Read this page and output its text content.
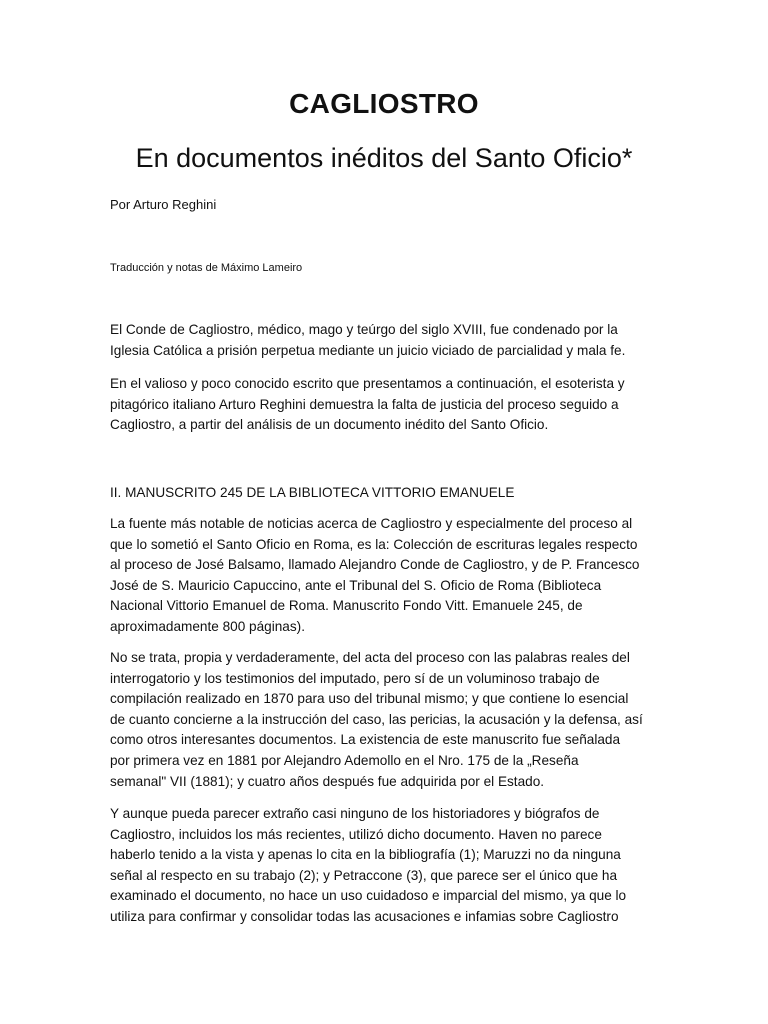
CAGLIOSTRO
En documentos inéditos del Santo Oficio*
Por Arturo Reghini
Traducción y notas de Máximo Lameiro

El Conde de Cagliostro, médico, mago y teúrgo del siglo XVIII, fue condenado por la
Iglesia Católica a prisión perpetua mediante un juicio viciado de parcialidad y mala fe.

En el valioso y poco conocido escrito que presentamos a continuación, el esoterista y
pitagórico italiano Arturo Reghini demuestra la falta de justicia del proceso seguido a
Cagliostro, a partir del análisis de un documento inédito del Santo Oficio.

II. MANUSCRITO 245 DE LA BIBLIOTECA VITTORIO EMANUELE

La fuente más notable de noticias acerca de Cagliostro y especialmente del proceso al
que lo sometió el Santo Oficio en Roma, es la: Colección de escrituras legales respecto
al proceso de José Balsamo, llamado Alejandro Conde de Cagliostro, y de P. Francesco
José de S. Mauricio Capuccino, ante el Tribunal del S. Oficio de Roma (Biblioteca
Nacional Vittorio Emanuel de Roma. Manuscrito Fondo Vitt. Emanuele 245, de
aproximadamente 800 páginas).

No se trata, propia y verdaderamente, del acta del proceso con las palabras reales del
interrogatorio y los testimonios del imputado, pero sí de un voluminoso trabajo de
compilación realizado en 1870 para uso del tribunal mismo; y que contiene lo esencial
de cuanto concierne a la instrucción del caso, las pericias, la acusación y la defensa, así
como otros interesantes documentos. La existencia de este manuscrito fue señalada
por primera vez en 1881 por Alejandro Ademollo en el Nro. 175 de la „Reseña
semanal" VII (1881); y cuatro años después fue adquirida por el Estado.

Y aunque pueda parecer extraño casi ninguno de los historiadores y biógrafos de
Cagliostro, incluidos los más recientes, utilizó dicho documento. Haven no parece
haberlo tenido a la vista y apenas lo cita en la bibliografía (1); Maruzzi no da ninguna
señal al respecto en su trabajo (2); y Petraccone (3), que parece ser el único que ha
examinado el documento, no hace un uso cuidadoso e imparcial del mismo, ya que lo
utiliza para confirmar y consolidar todas las acusaciones e infamias sobre Cagliostro
